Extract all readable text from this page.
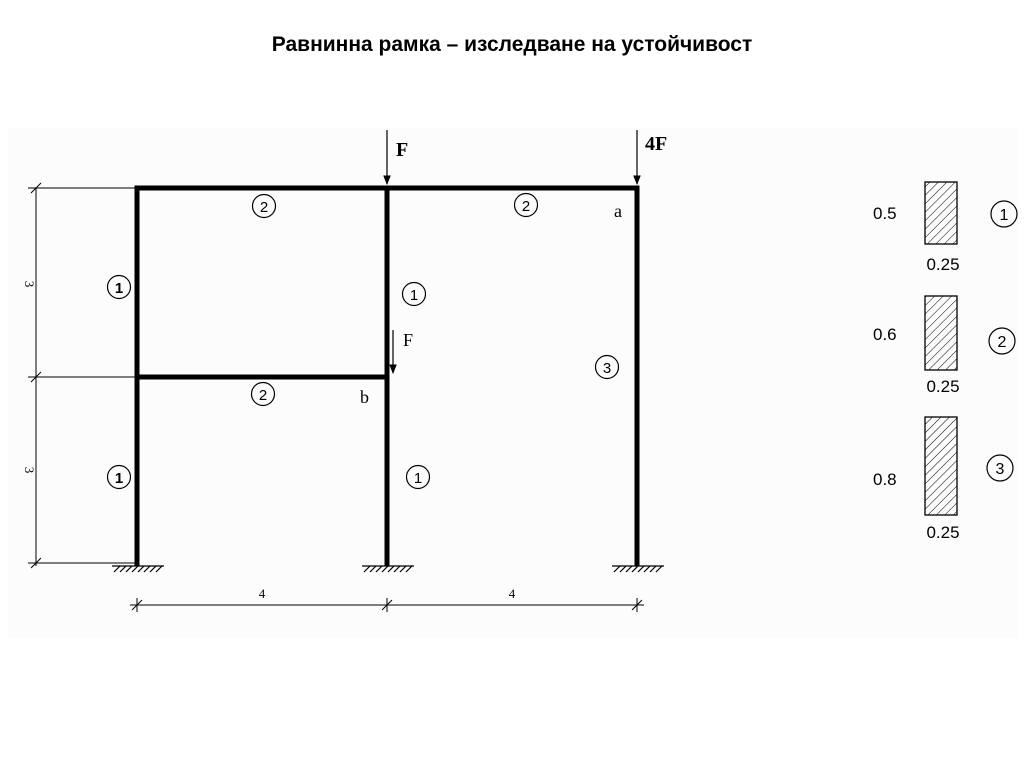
Равнинна рамка – изследване на устойчивост
F	4F
F
a
b
2	2
2
1
1
1
1
3
3
3
4	4
0.5
0.25
1
0.6
0.25
2
0.8
0.25
3
